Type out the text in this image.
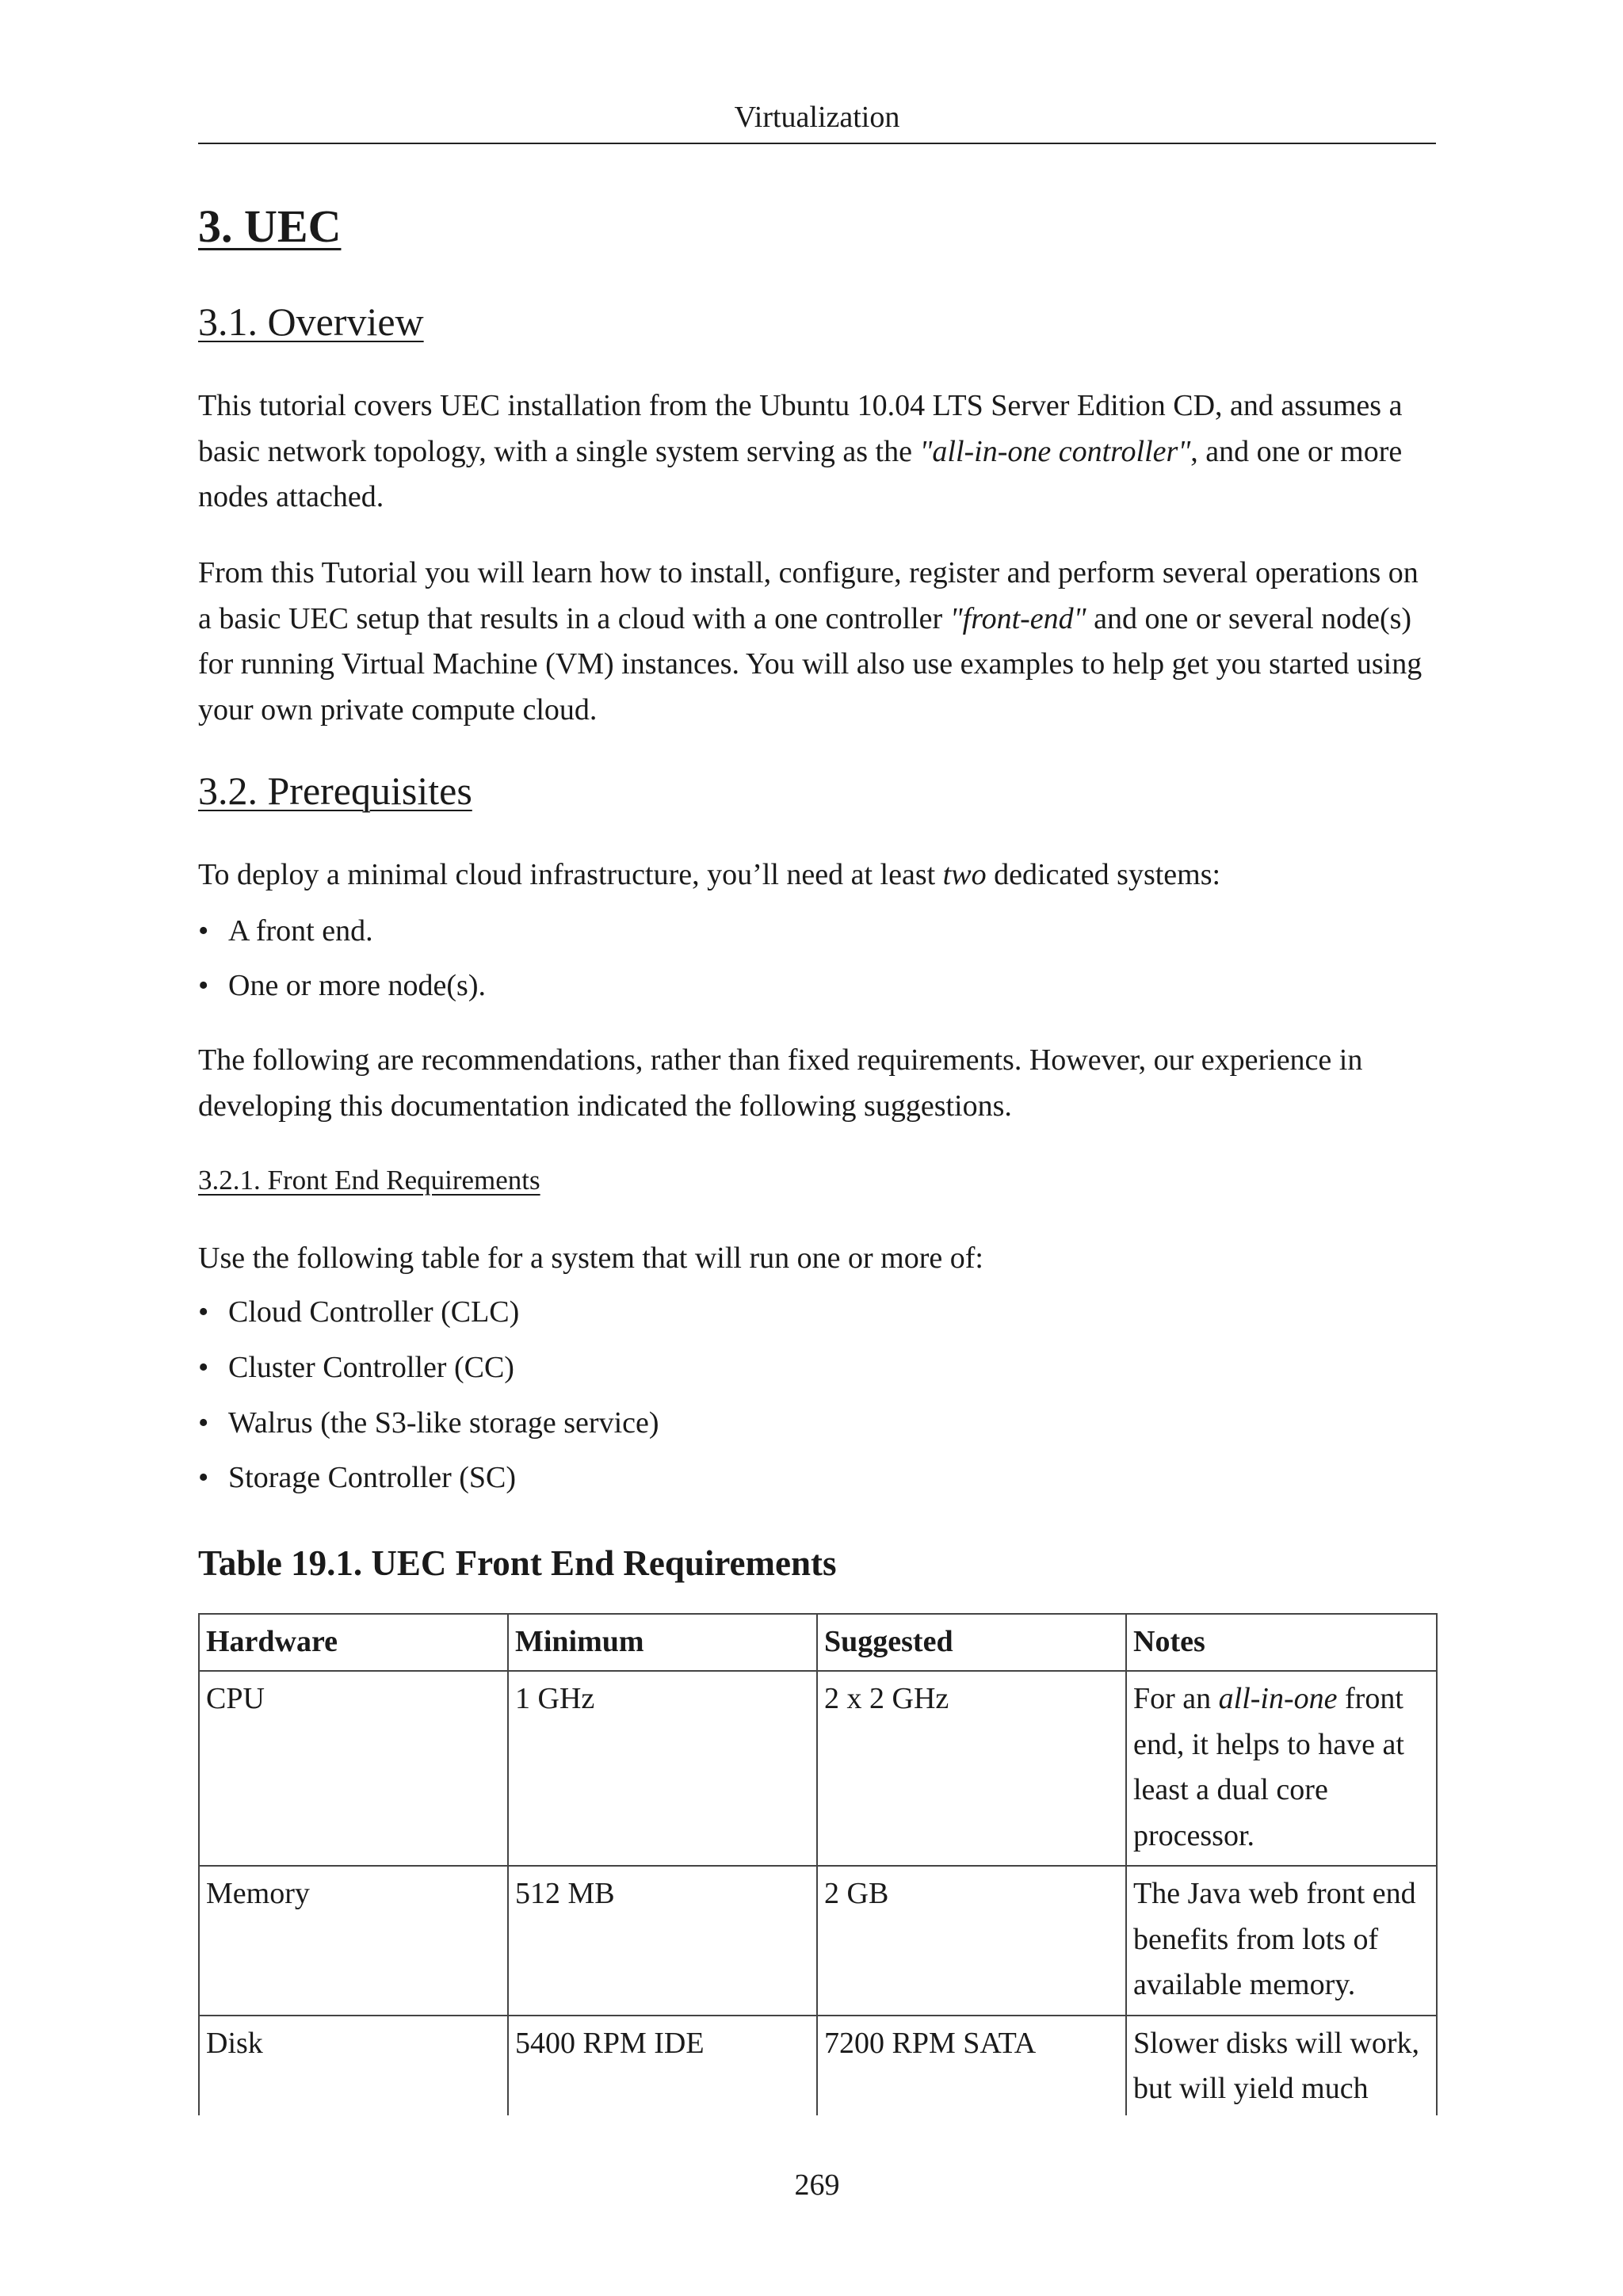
Virtualization
3. UEC
3.1. Overview

This tutorial covers UEC installation from the Ubuntu 10.04 LTS Server Edition CD, and assumes a basic network topology, with a single system serving as the "all-in-one controller", and one or more nodes attached.

From this Tutorial you will learn how to install, configure, register and perform several operations on a basic UEC setup that results in a cloud with a one controller "front-end" and one or several node(s) for running Virtual Machine (VM) instances. You will also use examples to help get you started using your own private compute cloud.

3.2. Prerequisites

To deploy a minimal cloud infrastructure, you’ll need at least two dedicated systems:

• A front end.
• One or more node(s).

The following are recommendations, rather than fixed requirements. However, our experience in developing this documentation indicated the following suggestions.

3.2.1. Front End Requirements

Use the following table for a system that will run one or more of:

• Cloud Controller (CLC)
• Cluster Controller (CC)
• Walrus (the S3-like storage service)
• Storage Controller (SC)
Table 19.1. UEC Front End Requirements
Hardware	Minimum	Suggested	Notes
CPU	1 GHz	2 x 2 GHz	For an all-in-one front end, it helps to have at least a dual core processor.
Memory	512 MB	2 GB	The Java web front end benefits from lots of available memory.
Disk	5400 RPM IDE	7200 RPM SATA	Slower disks will work, but will yield much
269
